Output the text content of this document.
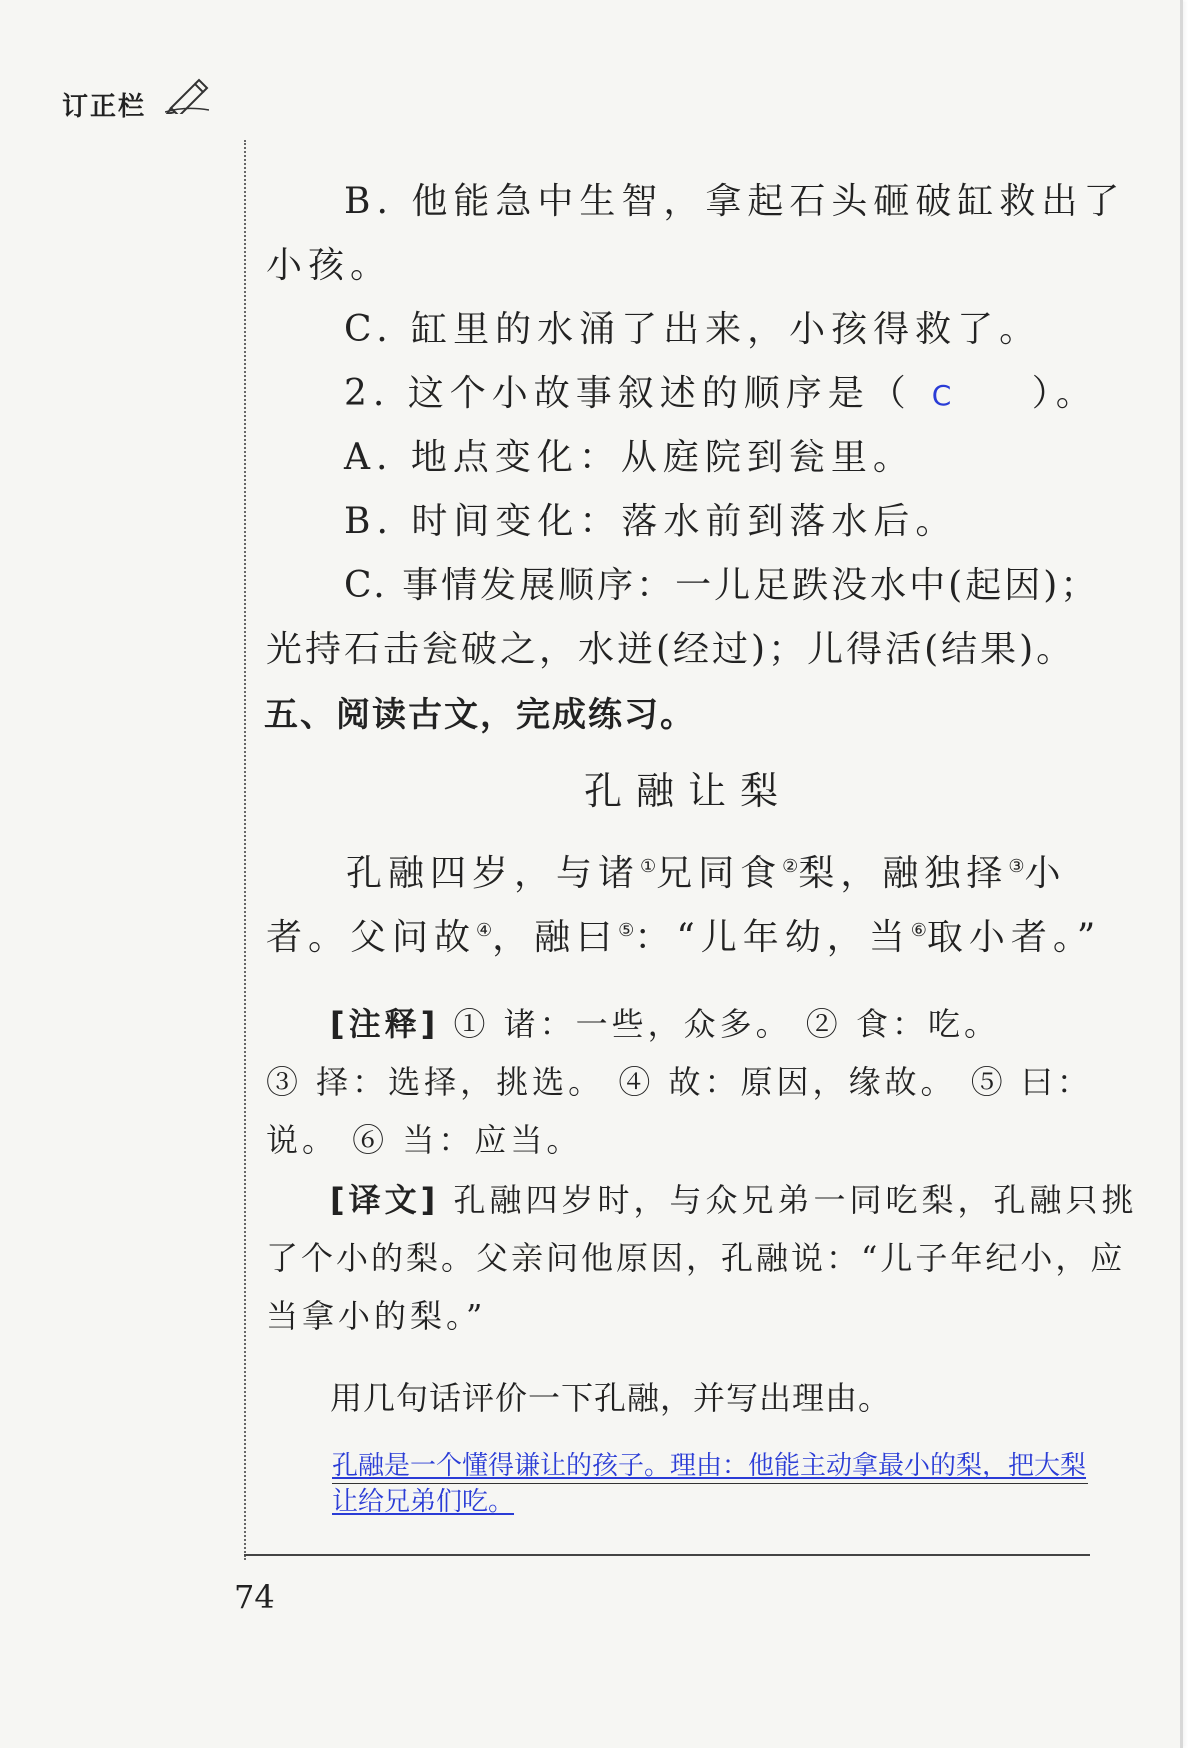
订正栏
B. 他能急中生智，拿起石头砸破缸救出了
小孩。
C. 缸里的水涌了出来，小孩得救了。
2. 这个小故事叙述的顺序是（ C ）。
A. 地点变化：从庭院到瓮里。
B. 时间变化：落水前到落水后。
C. 事情发展顺序：一儿足跌没水中(起因)；
光持石击瓮破之，水迸(经过)；儿得活(结果)。
五、阅读古文，完成练习。
孔融让梨
孔融四岁，与诸①兄同食②梨，融独择③小
者。父问故④，融曰⑤：“儿年幼，当⑥取小者。”
[注释] ① 诸：一些，众多。 ② 食：吃。
③ 择：选择，挑选。 ④ 故：原因，缘故。 ⑤ 曰：
说。 ⑥ 当：应当。
[译文] 孔融四岁时，与众兄弟一同吃梨，孔融只挑
了个小的梨。父亲问他原因，孔融说：“儿子年纪小，应
当拿小的梨。”
用几句话评价一下孔融，并写出理由。
孔融是一个懂得谦让的孩子。理由：他能主动拿最小的梨，把大梨让给兄弟们吃。
74
